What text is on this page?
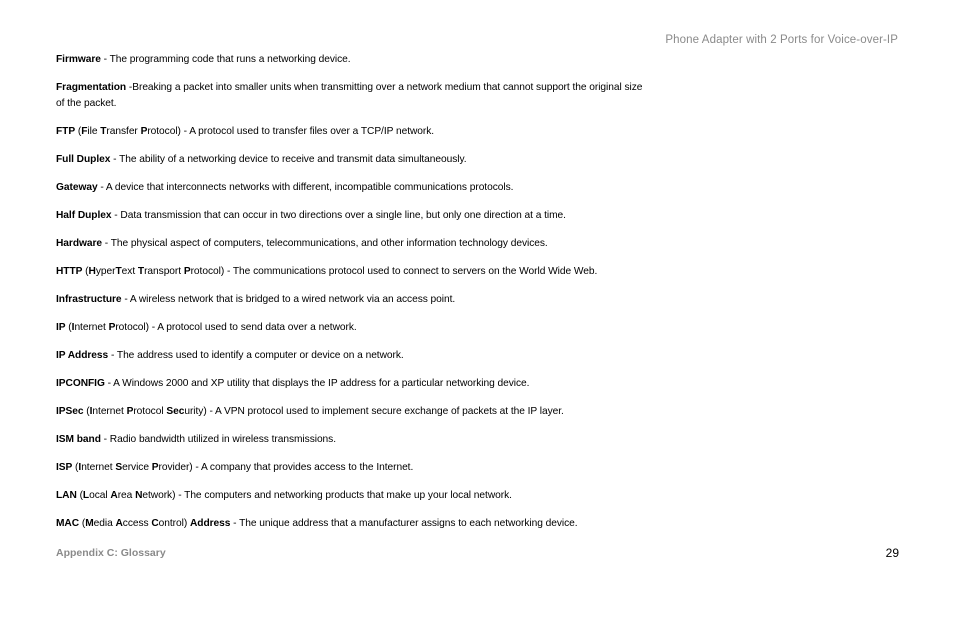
Phone Adapter with 2 Ports for Voice-over-IP

Firmware - The programming code that runs a networking device.

Fragmentation -Breaking a packet into smaller units when transmitting over a network medium that cannot support the original size of the packet.

FTP (File Transfer Protocol) - A protocol used to transfer files over a TCP/IP network.

Full Duplex - The ability of a networking device to receive and transmit data simultaneously.

Gateway - A device that interconnects networks with different, incompatible communications protocols.

Half Duplex - Data transmission that can occur in two directions over a single line, but only one direction at a time.

Hardware - The physical aspect of computers, telecommunications, and other information technology devices.

HTTP (HyperText Transport Protocol) - The communications protocol used to connect to servers on the World Wide Web.

Infrastructure - A wireless network that is bridged to a wired network via an access point.

IP (Internet Protocol) - A protocol used to send data over a network.

IP Address - The address used to identify a computer or device on a network.

IPCONFIG - A Windows 2000 and XP utility that displays the IP address for a particular networking device.

IPSec (Internet Protocol Security) - A VPN protocol used to implement secure exchange of packets at the IP layer.

ISM band - Radio bandwidth utilized in wireless transmissions.

ISP (Internet Service Provider) - A company that provides access to the Internet.

LAN (Local Area Network) - The computers and networking products that make up your local network.

MAC (Media Access Control) Address - The unique address that a manufacturer assigns to each networking device.

Appendix C: Glossary	29
